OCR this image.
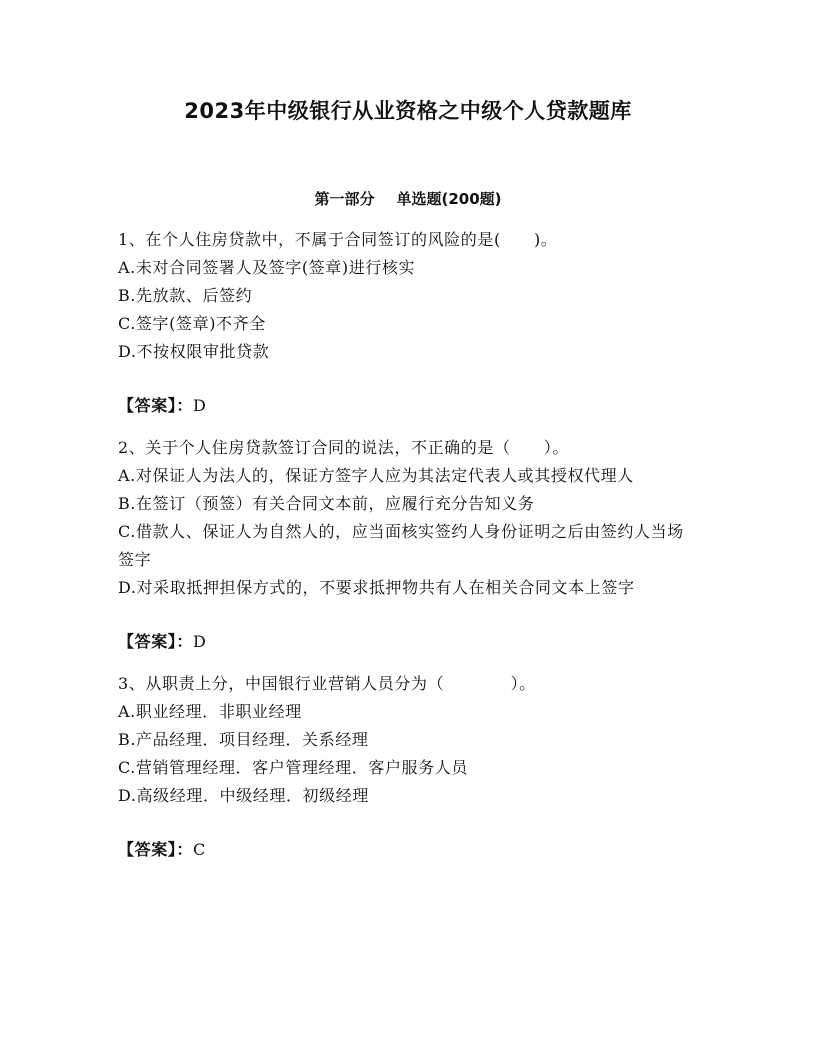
2023年中级银行从业资格之中级个人贷款题库
第一部分 单选题(200题)

1、在个人住房贷款中，不属于合同签订的风险的是(　　)。

A.未对合同签署人及签字(签章)进行核实

B.先放款、后签约

C.签字(签章)不齐全

D.不按权限审批贷款

【答案】：D

2、关于个人住房贷款签订合同的说法，不正确的是（　　）。

A.对保证人为法人的，保证方签字人应为其法定代表人或其授权代理人

B.在签订（预签）有关合同文本前，应履行充分告知义务

C.借款人、保证人为自然人的，应当面核实签约人身份证明之后由签约人当场签字

D.对采取抵押担保方式的，不要求抵押物共有人在相关合同文本上签字

【答案】：D

3、从职责上分，中国银行业营销人员分为（　　　　）。

A.职业经理．非职业经理

B.产品经理．项目经理．关系经理

C.营销管理经理．客户管理经理．客户服务人员

D.高级经理．中级经理．初级经理

【答案】：C
